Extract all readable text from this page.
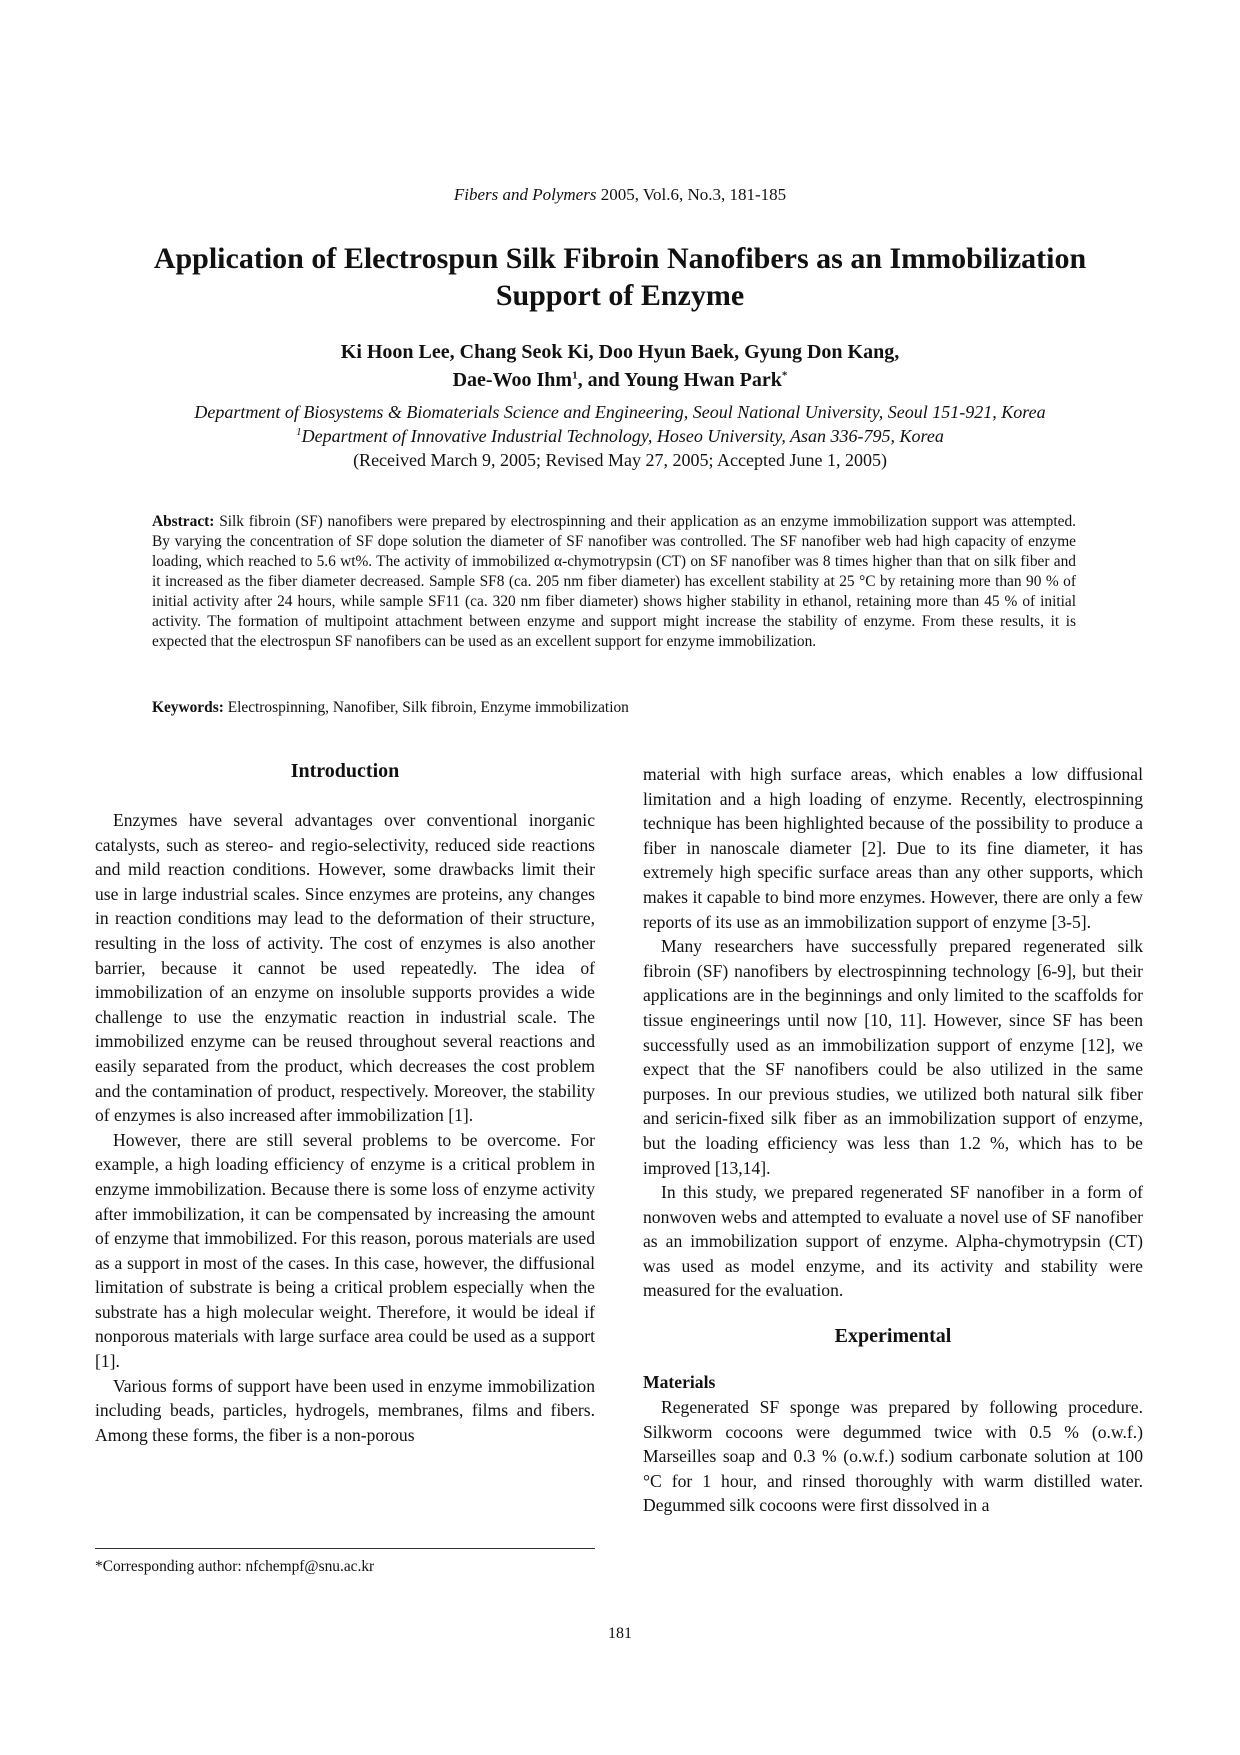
Fibers and Polymers 2005, Vol.6, No.3, 181-185
Application of Electrospun Silk Fibroin Nanofibers as an Immobilization Support of Enzyme
Ki Hoon Lee, Chang Seok Ki, Doo Hyun Baek, Gyung Don Kang,
Dae-Woo Ihm$^1$, and Young Hwan Park*
Department of Biosystems & Biomaterials Science and Engineering, Seoul National University, Seoul 151-921, Korea
$^1$Department of Innovative Industrial Technology, Hoseo University, Asan 336-795, Korea
(Received March 9, 2005; Revised May 27, 2005; Accepted June 1, 2005)
Abstract: Silk fibroin (SF) nanofibers were prepared by electrospinning and their application as an enzyme immobilization support was attempted. By varying the concentration of SF dope solution the diameter of SF nanofiber was controlled. The SF nanofiber web had high capacity of enzyme loading, which reached to 5.6 wt%. The activity of immobilized α-chymotrypsin (CT) on SF nanofiber was 8 times higher than that on silk fiber and it increased as the fiber diameter decreased. Sample SF8 (ca. 205 nm fiber diameter) has excellent stability at 25 °C by retaining more than 90 % of initial activity after 24 hours, while sample SF11 (ca. 320 nm fiber diameter) shows higher stability in ethanol, retaining more than 45 % of initial activity. The formation of multipoint attachment between enzyme and support might increase the stability of enzyme. From these results, it is expected that the electrospun SF nanofibers can be used as an excellent support for enzyme immobilization.
Keywords: Electrospinning, Nanofiber, Silk fibroin, Enzyme immobilization
Introduction

Enzymes have several advantages over conventional inorganic catalysts, such as stereo- and regio-selectivity, reduced side reactions and mild reaction conditions. However, some drawbacks limit their use in large industrial scales. Since enzymes are proteins, any changes in reaction conditions may lead to the deformation of their structure, resulting in the loss of activity. The cost of enzymes is also another barrier, because it cannot be used repeatedly. The idea of immobilization of an enzyme on insoluble supports provides a wide challenge to use the enzymatic reaction in industrial scale. The immobilized enzyme can be reused throughout several reactions and easily separated from the product, which decreases the cost problem and the contamination of product, respectively. Moreover, the stability of enzymes is also increased after immobilization [1].

However, there are still several problems to be overcome. For example, a high loading efficiency of enzyme is a critical problem in enzyme immobilization. Because there is some loss of enzyme activity after immobilization, it can be compensated by increasing the amount of enzyme that immobilized. For this reason, porous materials are used as a support in most of the cases. In this case, however, the diffusional limitation of substrate is being a critical problem especially when the substrate has a high molecular weight. Therefore, it would be ideal if nonporous materials with large surface area could be used as a support [1].

Various forms of support have been used in enzyme immobilization including beads, particles, hydrogels, membranes, films and fibers. Among these forms, the fiber is a non-porous

material with high surface areas, which enables a low diffusional limitation and a high loading of enzyme. Recently, electrospinning technique has been highlighted because of the possibility to produce a fiber in nanoscale diameter [2]. Due to its fine diameter, it has extremely high specific surface areas than any other supports, which makes it capable to bind more enzymes. However, there are only a few reports of its use as an immobilization support of enzyme [3-5].

Many researchers have successfully prepared regenerated silk fibroin (SF) nanofibers by electrospinning technology [6-9], but their applications are in the beginnings and only limited to the scaffolds for tissue engineerings until now [10, 11]. However, since SF has been successfully used as an immobilization support of enzyme [12], we expect that the SF nanofibers could be also utilized in the same purposes. In our previous studies, we utilized both natural silk fiber and sericin-fixed silk fiber as an immobilization support of enzyme, but the loading efficiency was less than 1.2 %, which has to be improved [13,14].

In this study, we prepared regenerated SF nanofiber in a form of nonwoven webs and attempted to evaluate a novel use of SF nanofiber as an immobilization support of enzyme. Alpha-chymotrypsin (CT) was used as model enzyme, and its activity and stability were measured for the evaluation.

Experimental
Materials

Regenerated SF sponge was prepared by following procedure. Silkworm cocoons were degummed twice with 0.5 % (o.w.f.) Marseilles soap and 0.3 % (o.w.f.) sodium carbonate solution at 100 °C for 1 hour, and rinsed thoroughly with warm distilled water. Degummed silk cocoons were first dissolved in a

*Corresponding author: nfchempf@snu.ac.kr
181
